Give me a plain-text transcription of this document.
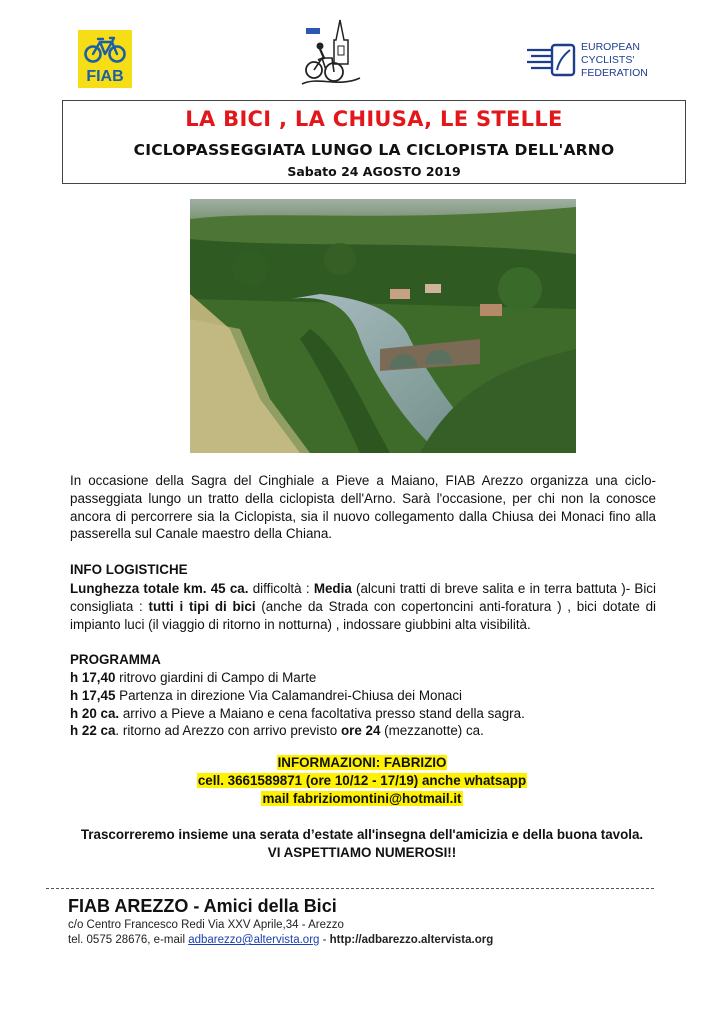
FIAB
EUROPEAN
CYCLISTS'
FEDERATION
LA BICI , LA CHIUSA, LE STELLE
CICLOPASSEGGIATA LUNGO LA CICLOPISTA DELL'ARNO
Sabato 24 AGOSTO 2019
In occasione della Sagra del Cinghiale a Pieve a Maiano, FIAB Arezzo organizza una ciclo-passeggiata lungo un tratto della ciclopista dell'Arno. Sarà l'occasione, per chi non la conosce ancora di percorrere sia la Ciclopista, sia il nuovo collegamento dalla Chiusa dei Monaci fino alla passerella sul Canale maestro della Chiana.
INFO LOGISTICHE
Lunghezza totale km. 45 ca. difficoltà : Media (alcuni tratti di breve salita e in terra battuta )- Bici consigliata : tutti i tipi di bici (anche da Strada con copertoncini anti-foratura ) , bici dotate di impianto luci (il viaggio di ritorno in notturna) , indossare giubbini alta visibilità.
PROGRAMMA
h 17,40 ritrovo giardini di Campo di Marte
h 17,45 Partenza in direzione Via Calamandrei-Chiusa dei Monaci
h 20 ca. arrivo a Pieve a Maiano e cena facoltativa presso stand della sagra.
h 22 ca. ritorno ad Arezzo con arrivo previsto ore 24 (mezzanotte) ca.
INFORMAZIONI: FABRIZIO
cell. 3661589871 (ore 10/12 - 17/19) anche whatsapp
mail fabriziomontini@hotmail.it
Trascorreremo insieme una serata d’estate all'insegna dell'amicizia e della buona tavola.
VI ASPETTIAMO NUMEROSI!!
FIAB AREZZO - Amici della Bici
c/o Centro Francesco Redi Via XXV Aprile,34 - Arezzo
tel. 0575 28676, e-mail adbarezzo@altervista.org - http://adbarezzo.altervista.org
